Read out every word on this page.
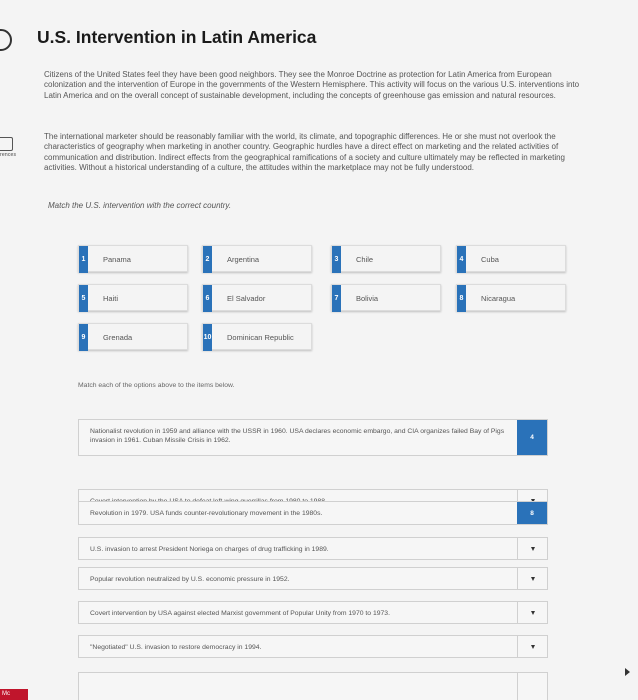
rences
Mc
U.S. Intervention in Latin America
Citizens of the United States feel they have been good neighbors. They see the Monroe Doctrine as protection for Latin America from European colonization and the intervention of Europe in the governments of the Western Hemisphere. This activity will focus on the various U.S. interventions into Latin America and on the overall concept of sustainable development, including the concepts of greenhouse gas emission and natural resources.
The international marketer should be reasonably familiar with the world, its climate, and topographic differences. He or she must not overlook the characteristics of geography when marketing in another country. Geographic hurdles have a direct effect on marketing and the related activities of communication and distribution. Indirect effects from the geographical ramifications of a society and culture ultimately may be reflected in marketing activities. Without a historical understanding of a culture, the attitudes within the marketplace may not be fully understood.
Match the U.S. intervention with the correct country.
1	Panama	2	Argentina	3	Chile	4	Cuba
5	Haiti	6	El Salvador	7	Bolivia	8	Nicaragua
9	Grenada	10 Dominican Republic
Match each of the options above to the items below.
Nationalist revolution in 1959 and alliance with the USSR in 1960. USA declares economic embargo, and CIA organizes failed Bay of Pigs invasion in 1961. Cuban Missile Crisis in 1962.	4
Revolution in 1979. USA funds counter-revolutionary movement in the 1980s.	8
U.S. invasion to arrest President Noriega on charges of drug trafficking in 1989.
Popular revolution neutralized by U.S. economic pressure in 1952.
Covert intervention by USA against elected Marxist government of Popular Unity from 1970 to 1973.
"Negotiated" U.S. invasion to restore democracy in 1994.
